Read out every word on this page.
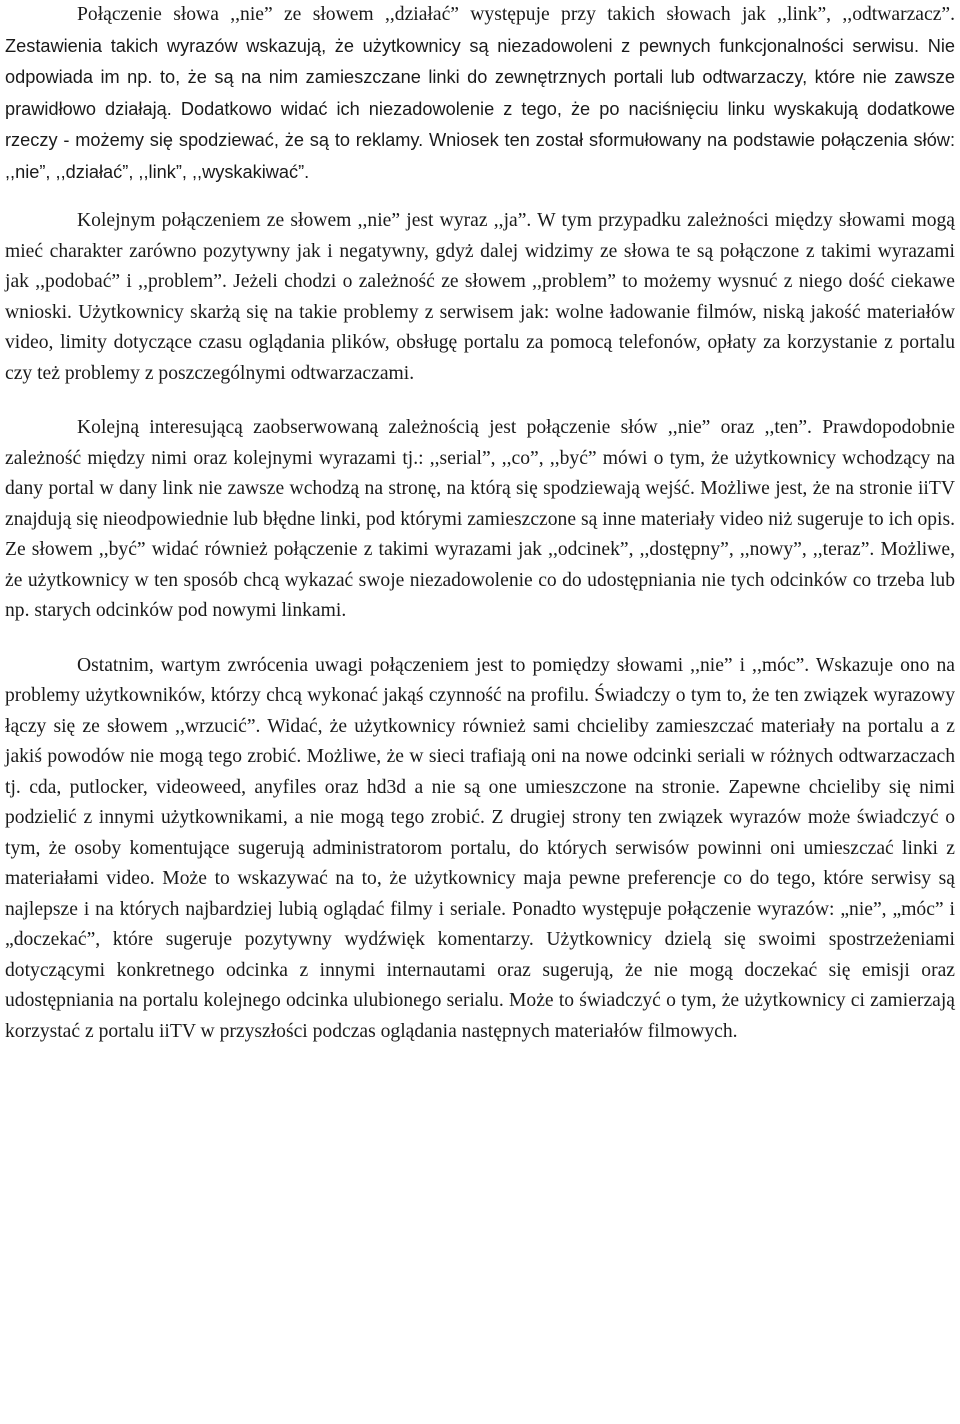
Połączenie słowa ,,nie” ze słowem ,,działać” występuje przy takich słowach jak ,,link”, ,,odtwarzacz”. Zestawienia takich wyrazów wskazują, że użytkownicy są niezadowoleni z pewnych funkcjonalności serwisu. Nie odpowiada im np. to, że są na nim zamieszczane linki do zewnętrznych portali lub odtwarzaczy, które nie zawsze prawidłowo działają. Dodatkowo widać ich niezadowolenie z tego, że po naciśnięciu linku wyskakują dodatkowe rzeczy - możemy się spodziewać, że są to reklamy. Wniosek ten został sformułowany na podstawie połączenia słów: ,,nie”, ,,działać”, ,,link”, ,,wyskakiwać”.

Kolejnym połączeniem ze słowem ,,nie” jest wyraz ,,ja”. W tym przypadku zależności między słowami mogą mieć charakter zarówno pozytywny jak i negatywny, gdyż dalej widzimy ze słowa te są połączone z takimi wyrazami jak ,,podobać” i ,,problem”. Jeżeli chodzi o zależność ze słowem ,,problem” to możemy wysnuć z niego dość ciekawe wnioski. Użytkownicy skarżą się na takie problemy z serwisem jak: wolne ładowanie filmów, niską jakość materiałów video, limity dotyczące czasu oglądania plików, obsługę portalu za pomocą telefonów, opłaty za korzystanie z portalu czy też problemy z poszczególnymi odtwarzaczami.

Kolejną interesującą zaobserwowaną zależnością jest połączenie słów ,,nie” oraz ,,ten”. Prawdopodobnie zależność między nimi oraz kolejnymi wyrazami tj.: ,,serial”, ,,co”, ,,być” mówi o tym, że użytkownicy wchodzący na dany portal w dany link nie zawsze wchodzą na stronę, na którą się spodziewają wejść. Możliwe jest, że na stronie iiTV znajdują się nieodpowiednie lub błędne linki, pod którymi zamieszczone są inne materiały video niż sugeruje to ich opis. Ze słowem ,,być” widać również połączenie z takimi wyrazami jak ,,odcinek”, ,,dostępny”, ,,nowy”, ,,teraz”. Możliwe, że użytkownicy w ten sposób chcą wykazać swoje niezadowolenie co do udostępniania nie tych odcinków co trzeba lub np. starych odcinków pod nowymi linkami.

Ostatnim, wartym zwrócenia uwagi połączeniem jest to pomiędzy słowami ,,nie” i ,,móc”. Wskazuje ono na problemy użytkowników, którzy chcą wykonać jakąś czynność na profilu. Świadczy o tym to, że ten związek wyrazowy łączy się ze słowem ,,wrzucić”. Widać, że użytkownicy również sami chcieliby zamieszczać materiały na portalu a z jakiś powodów nie mogą tego zrobić. Możliwe, że w sieci trafiają oni na nowe odcinki seriali w różnych odtwarzaczach tj. cda, putlocker, videoweed, anyfiles oraz hd3d a nie są one umieszczone na stronie. Zapewne chcieliby się nimi podzielić z innymi użytkownikami, a nie mogą tego zrobić. Z drugiej strony ten związek wyrazów może świadczyć o tym, że osoby komentujące sugerują administratorom portalu, do których serwisów powinni oni umieszczać linki z materiałami video. Może to wskazywać na to, że użytkownicy maja pewne preferencje co do tego, które serwisy są najlepsze i na których najbardziej lubią oglądać filmy i seriale. Ponadto występuje połączenie wyrazów: „nie”, „móc” i „doczekać”, które sugeruje pozytywny wydźwięk komentarzy. Użytkownicy dzielą się swoimi spostrzeżeniami dotyczącymi konkretnego odcinka z innymi internautami oraz sugerują, że nie mogą doczekać się emisji oraz udostępniania na portalu kolejnego odcinka ulubionego serialu. Może to świadczyć o tym, że użytkownicy ci zamierzają korzystać z portalu iiTV w przyszłości podczas oglądania następnych materiałów filmowych.
